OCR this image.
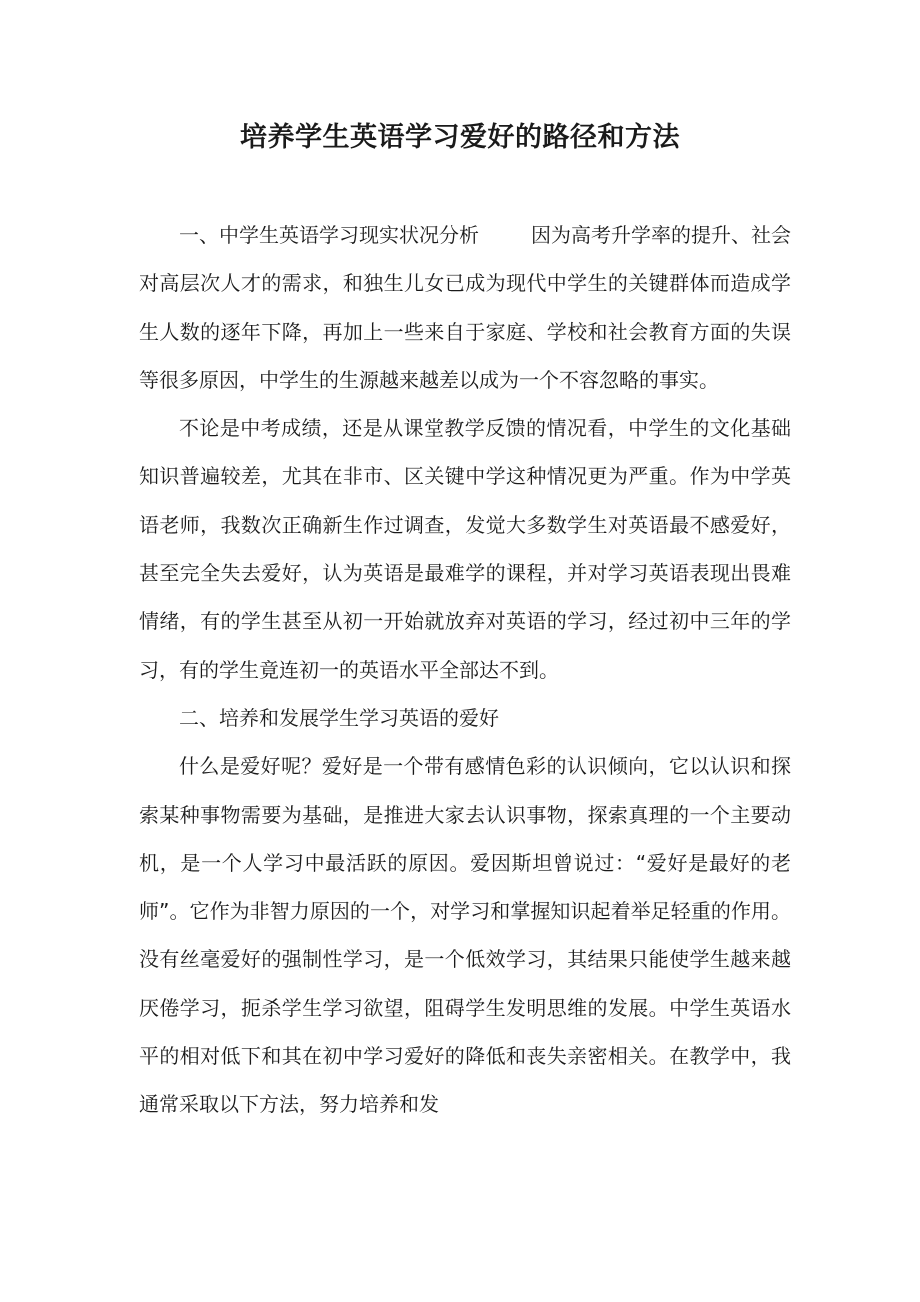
培养学生英语学习爱好的路径和方法

一、中学生英语学习现实状况分析	因为高考升学率的提升、社会对高层次人才的需求，和独生儿女已成为现代中学生的关键群体而造成学生人数的逐年下降，再加上一些来自于家庭、学校和社会教育方面的失误等很多原因，中学生的生源越来越差以成为一个不容忽略的事实。

不论是中考成绩，还是从课堂教学反馈的情况看，中学生的文化基础知识普遍较差，尤其在非市、区关键中学这种情况更为严重。作为中学英语老师，我数次正确新生作过调查，发觉大多数学生对英语最不感爱好，甚至完全失去爱好，认为英语是最难学的课程，并对学习英语表现出畏难情绪，有的学生甚至从初一开始就放弃对英语的学习，经过初中三年的学习，有的学生竟连初一的英语水平全部达不到。

二、培养和发展学生学习英语的爱好

什么是爱好呢？爱好是一个带有感情色彩的认识倾向，它以认识和探索某种事物需要为基础，是推进大家去认识事物，探索真理的一个主要动机，是一个人学习中最活跃的原因。爱因斯坦曾说过：“爱好是最好的老师”。它作为非智力原因的一个，对学习和掌握知识起着举足轻重的作用。没有丝毫爱好的强制性学习，是一个低效学习，其结果只能使学生越来越厌倦学习，扼杀学生学习欲望，阻碍学生发明思维的发展。中学生英语水平的相对低下和其在初中学习爱好的降低和丧失亲密相关。在教学中，我通常采取以下方法，努力培养和发
